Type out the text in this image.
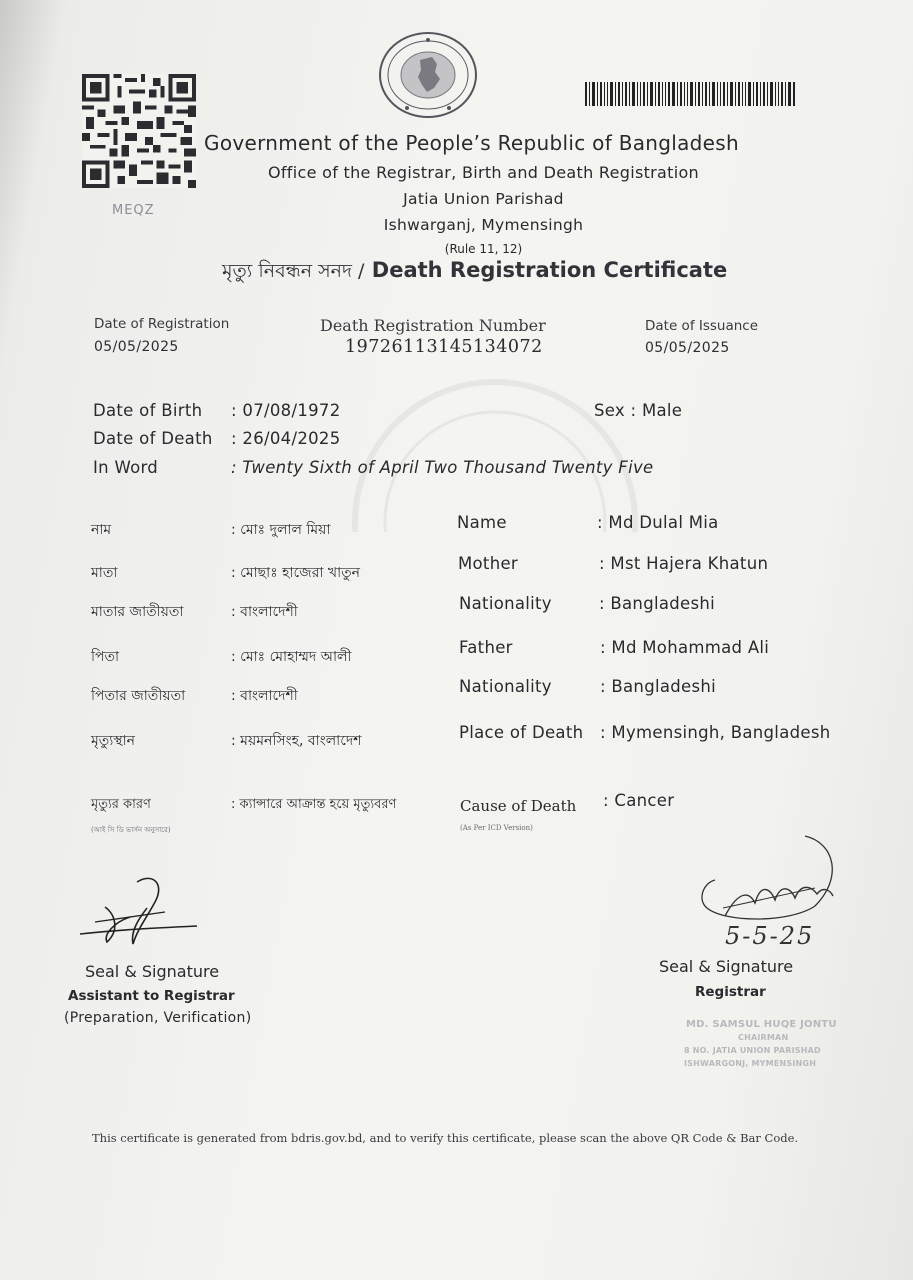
MEQZ
Government of the People’s Republic of Bangladesh
Office of the Registrar, Birth and Death Registration
Jatia Union Parishad
Ishwarganj, Mymensingh
(Rule 11, 12)
মৃত্যু নিবন্ধন সনদ / Death Registration Certificate
Date of Registration
05/05/2025
Death Registration Number
19726113145134072
Date of Issuance
05/05/2025
Date of Birth : 07/08/1972	Sex : Male
Date of Death : 26/04/2025
In Word	: Twenty Sixth of April Two Thousand Twenty Five
নাম	: মোঃ দুলাল মিয়া
মাতা	: মোছাঃ হাজেরা খাতুন
মাতার জাতীয়তা	: বাংলাদেশী
পিতা	: মোঃ মোহাম্মদ আলী
পিতার জাতীয়তা	: বাংলাদেশী
মৃত্যুস্থান	: ময়মনসিংহ, বাংলাদেশ
মৃত্যুর কারণ
(আই সি ডি ভার্সন অনুসারে)
: ক্যান্সারে আক্রান্ত হয়ে মৃত্যুবরণ
Name	: Md Dulal Mia
Mother	: Mst Hajera Khatun
Nationality	: Bangladeshi
Father	: Md Mohammad Ali
Nationality	: Bangladeshi
Place of Death : Mymensingh, Bangladesh
Cause of Death
(As Per ICD Version)
: Cancer
Seal & Signature
Assistant to Registrar
(Preparation, Verification)
5-5-25
Seal & Signature
Registrar
MD. SAMSUL HUQE JONTU
CHAIRMAN
8 NO. JATIA UNION PARISHAD
ISHWARGONJ, MYMENSINGH
This certificate is generated from bdris.gov.bd, and to verify this certificate, please scan the above QR Code & Bar Code.
